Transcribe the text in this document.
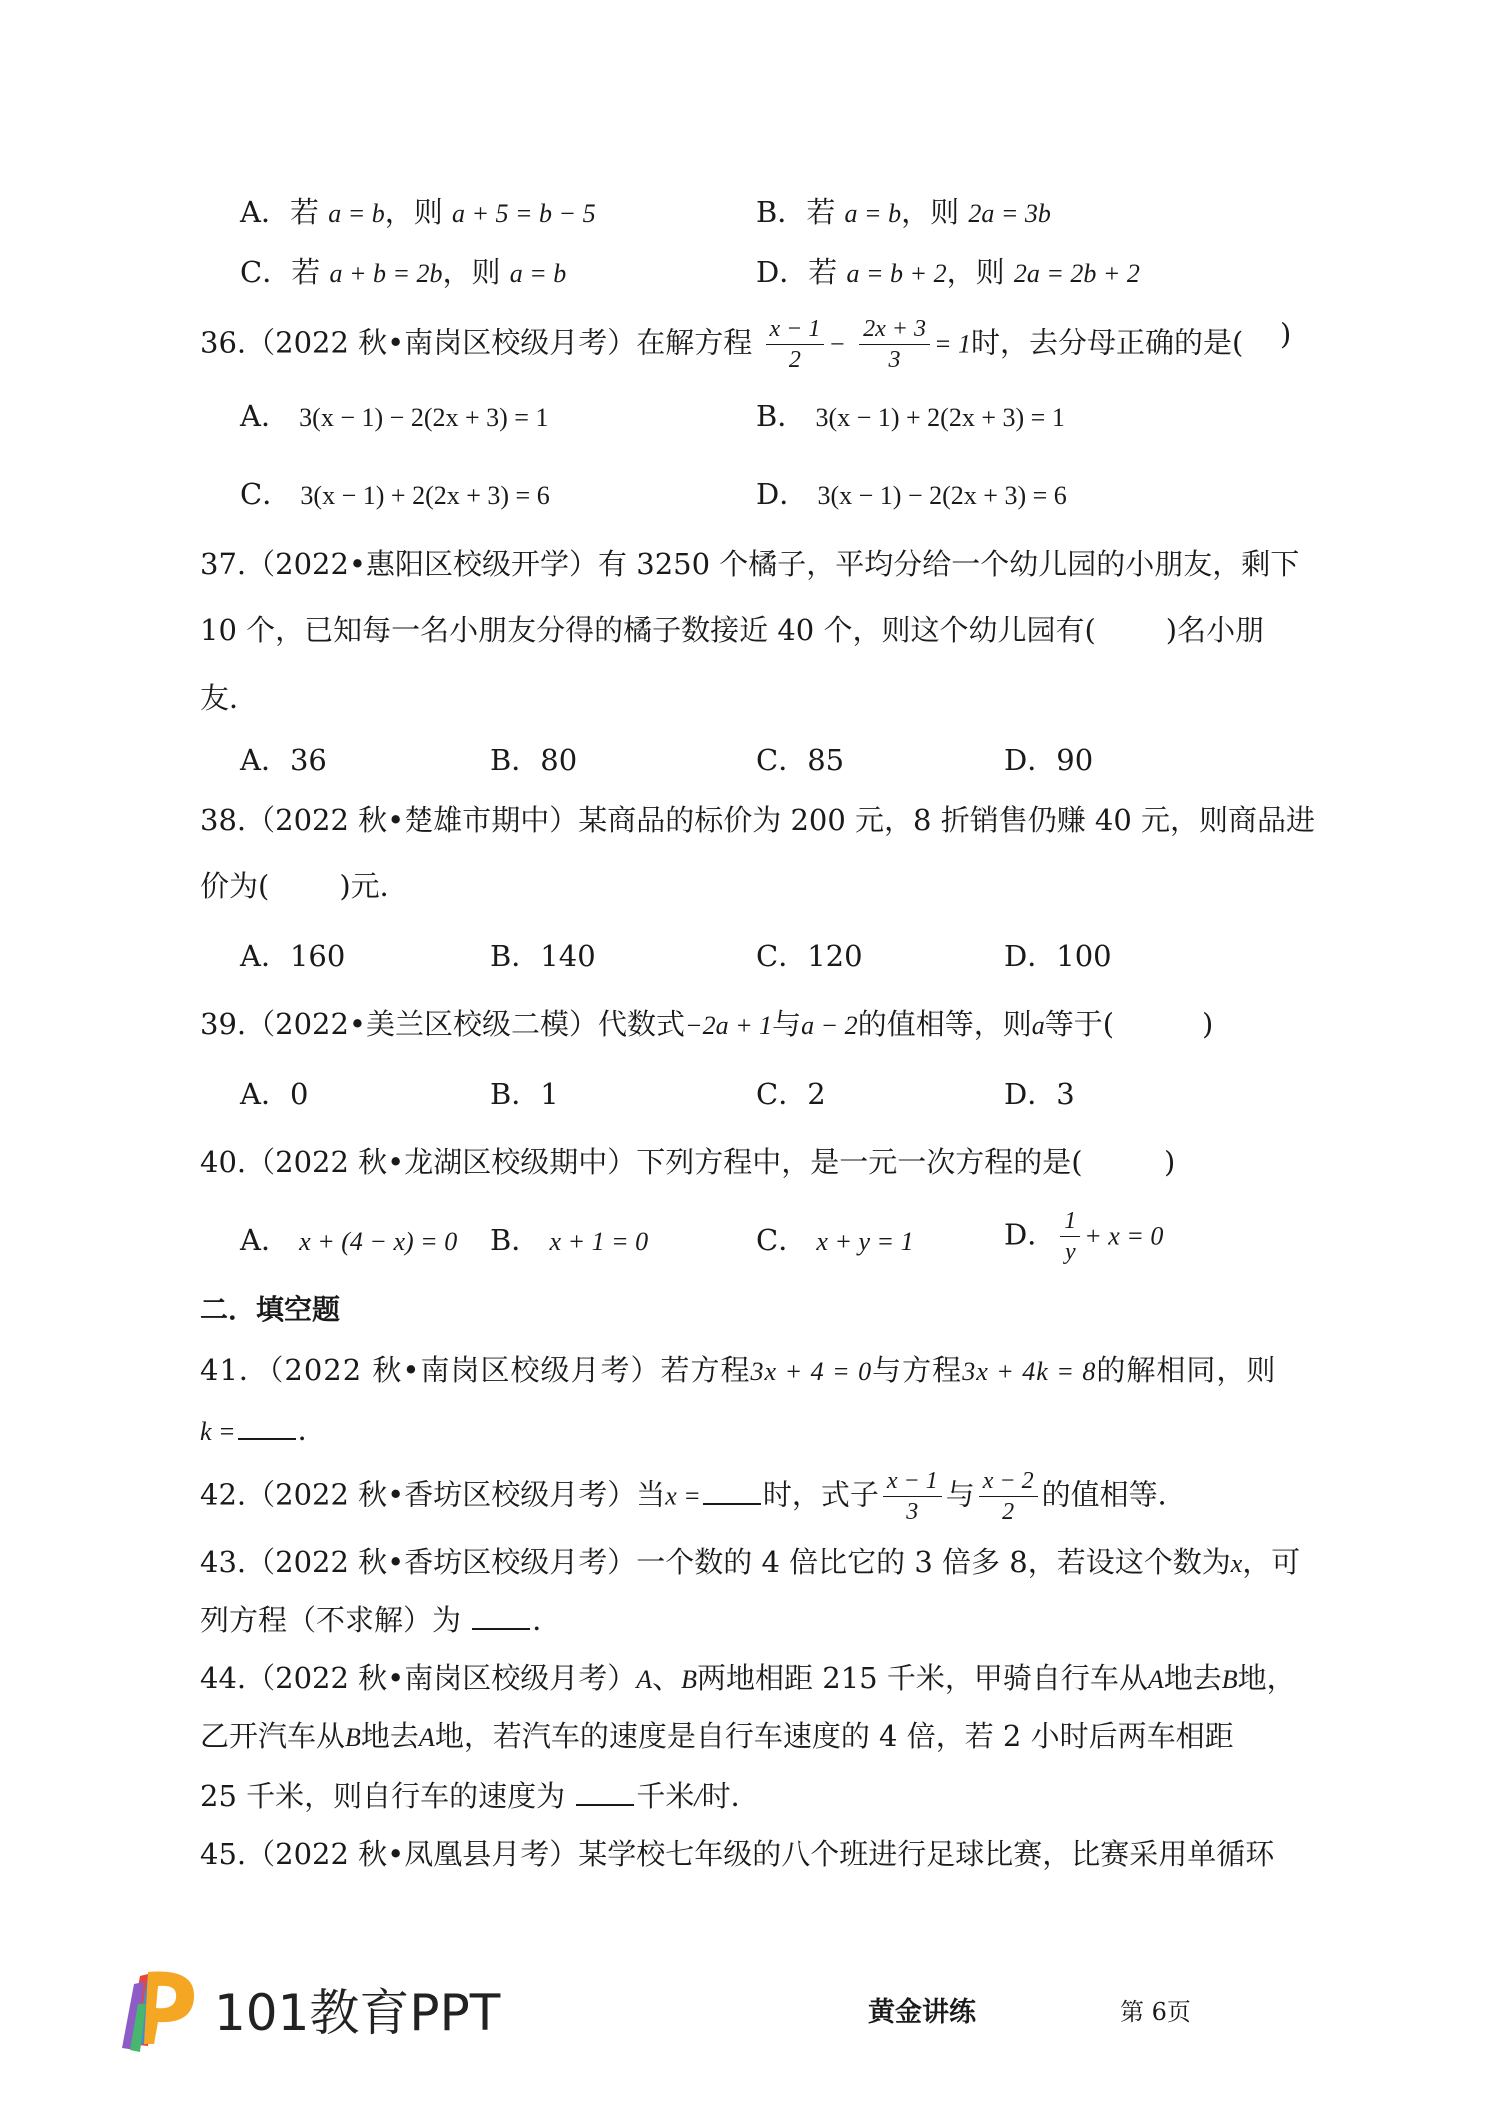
A．若 a = b，则 a + 5 = b − 5	B．若 a = b，则 2a = 3b
C．若 a + b = 2b，则 a = b	D．若 a = b + 2，则 2a = 2b + 2
36.（2022 秋•南岗区校级月考）在解方程 $\frac{x - 1}{2} - \frac{2x + 3}{3} = 1$时，去分母正确的是( )
A． 3(x − 1) − 2(2x + 3) = 1	B． 3(x − 1) + 2(2x + 3) = 1
C． 3(x − 1) + 2(2x + 3) = 6	D． 3(x − 1) − 2(2x + 3) = 6
37.（2022•惠阳区校级开学）有 3250 个橘子，平均分给一个幼儿园的小朋友，剩下
10 个，已知每一名小朋友分得的橘子数接近 40 个，则这个幼儿园有( )名小朋
友．
A．36	B．80	C．85	D．90
38.（2022 秋•楚雄市期中）某商品的标价为 200 元，8 折销售仍赚 40 元，则商品进
价为( )元．
A．160	B．140	C．120	D．100
39.（2022•美兰区校级二模）代数式−2a + 1与a − 2的值相等，则a等于(	)
A．0	B．1	C．2	D．3
40.（2022 秋•龙湖区校级期中）下列方程中，是一元一次方程的是(	)
A． x + (4 − x) = 0 B． x + 1 = 0	C． x + y = 1	D． $\frac{1}{y} + x = 0$
二．填空题
41．（2022 秋•南岗区校级月考）若方程3x + 4 = 0与方程3x + 4k = 8的解相同，则
k = ．
42.（2022 秋•香坊区校级月考）当x = 时，式子 $\frac{x - 1}{3}$ 与 $\frac{x - 2}{2}$ 的值相等．
43.（2022 秋•香坊区校级月考）一个数的 4 倍比它的 3 倍多 8，若设这个数为x，可
列方程（不求解）为 ．
44.（2022 秋•南岗区校级月考）A、B两地相距 215 千米，甲骑自行车从A地去B地，
乙开汽车从B地去A地，若汽车的速度是自行车速度的 4 倍，若 2 小时后两车相距
25 千米，则自行车的速度为 千米/时．
45.（2022 秋•凤凰县月考）某学校七年级的八个班进行足球比赛，比赛采用单循环
101教育PPT	黄金讲练	第 6页
